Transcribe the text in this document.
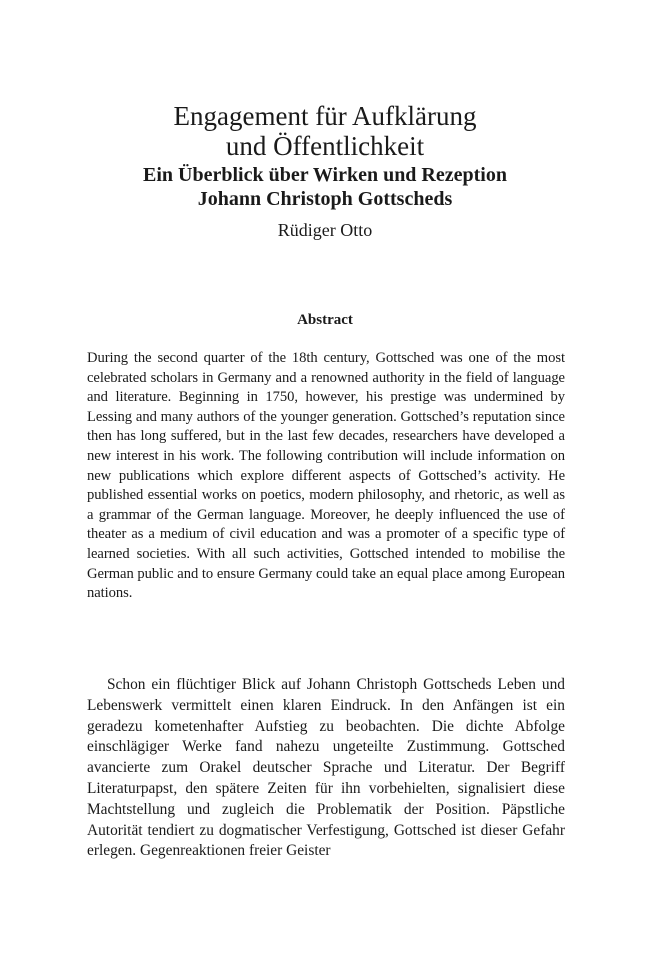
Engagement für Aufklärung
und Öffentlichkeit
Ein Überblick über Wirken und Rezeption
Johann Christoph Gottscheds

Rüdiger Otto

Abstract

During the second quarter of the 18th century, Gottsched was one of the most celebrated scholars in Germany and a renowned authority in the field of language and literature. Beginning in 1750, however, his prestige was undermined by Lessing and many authors of the younger generation. Gottsched’s reputation since then has long suffered, but in the last few decades, researchers have developed a new interest in his work. The following contribution will include information on new publications which explore different aspects of Gottsched’s activity. He published essential works on poetics, modern philosophy, and rhetoric, as well as a grammar of the German language. Moreover, he deeply influenced the use of theater as a medium of civil education and was a promoter of a specific type of learned societies. With all such activities, Gottsched intended to mobilise the German public and to ensure Germany could take an equal place among European nations.

Schon ein flüchtiger Blick auf Johann Christoph Gottscheds Leben und Lebenswerk vermittelt einen klaren Eindruck. In den Anfängen ist ein geradezu kometenhafter Aufstieg zu beobachten. Die dichte Abfolge einschlägiger Werke fand nahezu ungeteilte Zustimmung. Gottsched avancierte zum Orakel deutscher Sprache und Literatur. Der Begriff Literaturpapst, den spätere Zeiten für ihn vorbehielten, signalisiert diese Machtstellung und zugleich die Problematik der Position. Päpstliche Autorität tendiert zu dogmatischer Verfestigung, Gottsched ist dieser Gefahr erlegen. Gegenreaktionen freier Geister
